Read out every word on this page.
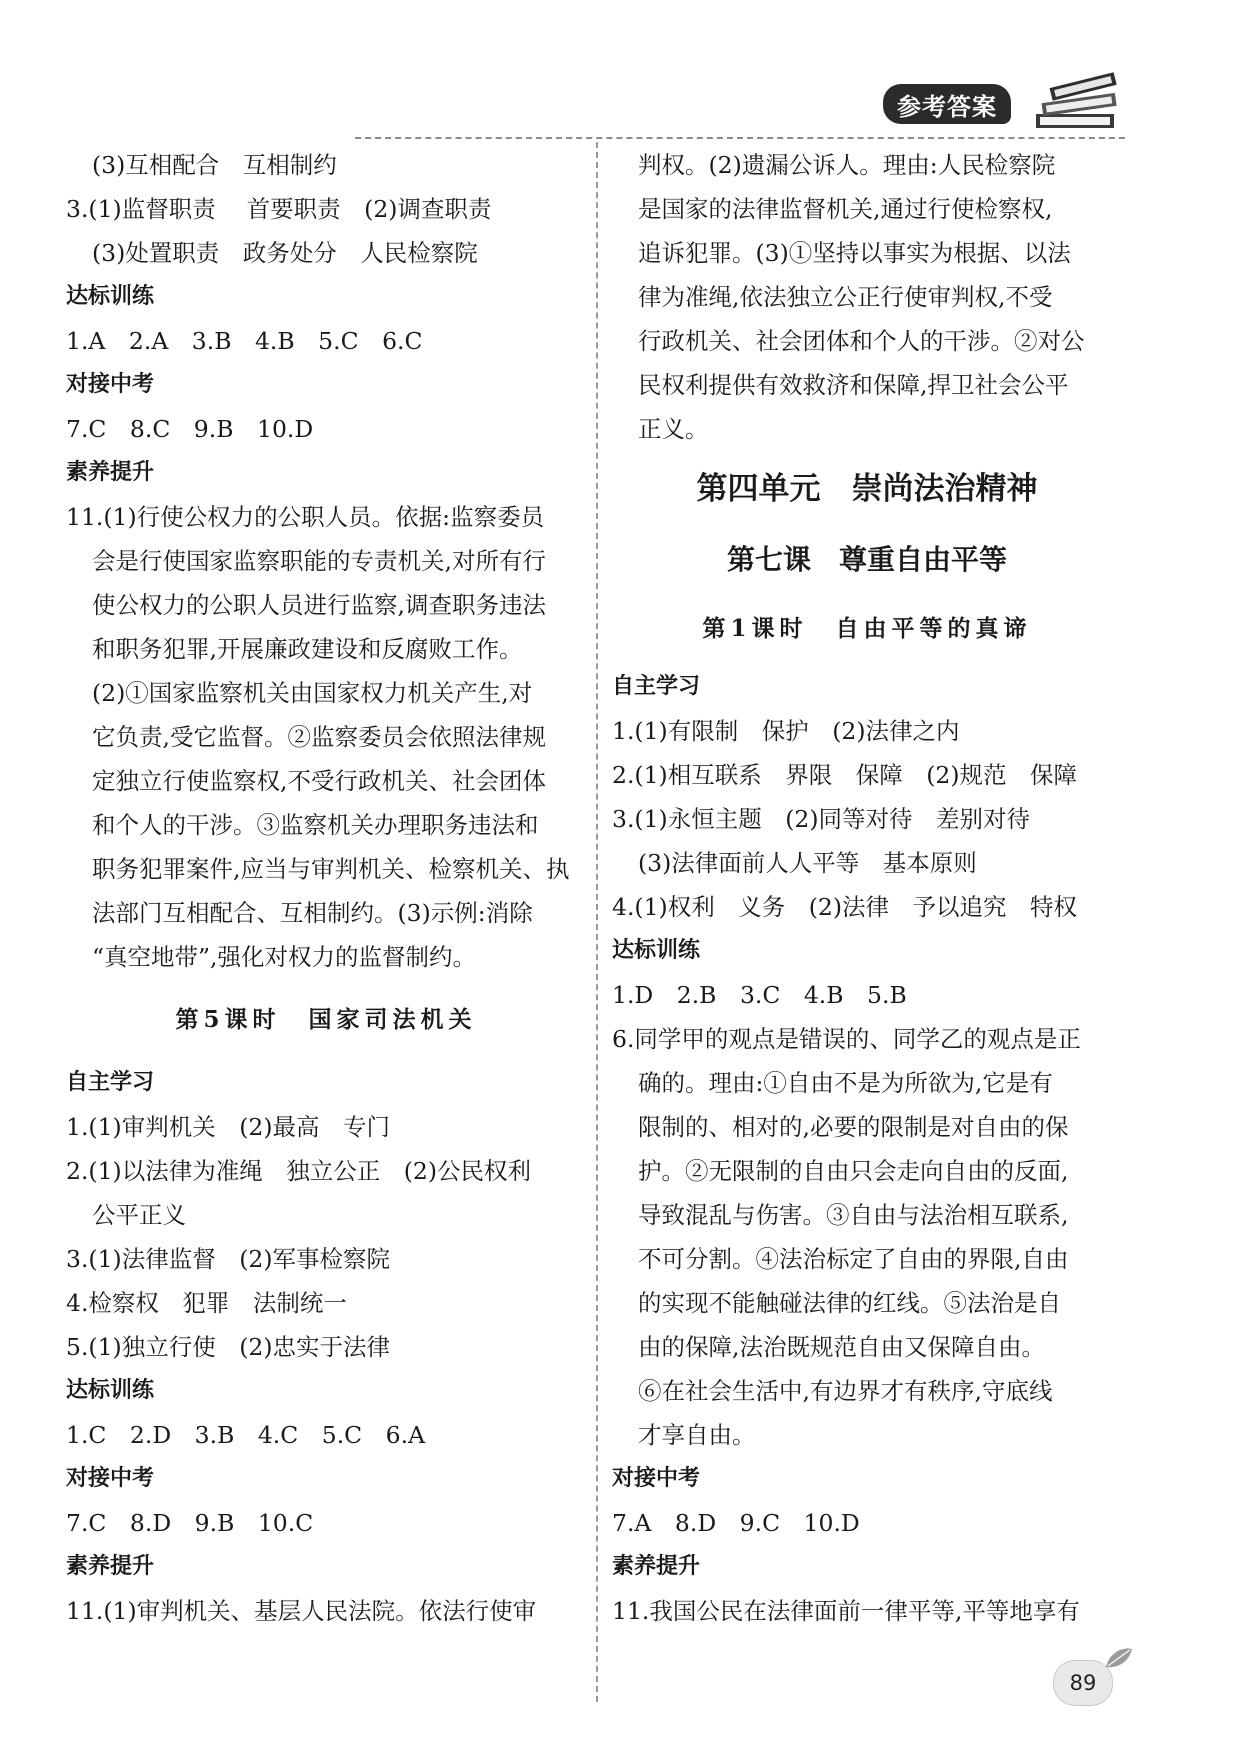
参考答案
(3)互相配合　互相制约
3.(1)监督职责　 首要职责　(2)调查职责
(3)处置职责　政务处分　人民检察院
达标训练
1.A　2.A　3.B　4.B　5.C　6.C
对接中考
7.C　8.C　9.B　10.D
素养提升
11.(1)行使公权力的公职人员。依据:监察委员
会是行使国家监察职能的专责机关,对所有行
使公权力的公职人员进行监察,调查职务违法
和职务犯罪,开展廉政建设和反腐败工作。
(2)①国家监察机关由国家权力机关产生,对
它负责,受它监督。②监察委员会依照法律规
定独立行使监察权,不受行政机关、社会团体
和个人的干涉。③监察机关办理职务违法和
职务犯罪案件,应当与审判机关、检察机关、执
法部门互相配合、互相制约。(3)示例:消除
“真空地带”,强化对权力的监督制约。
第5课时　国家司法机关
自主学习
1.(1)审判机关　(2)最高　专门
2.(1)以法律为准绳　独立公正　(2)公民权利
公平正义
3.(1)法律监督　(2)军事检察院
4.检察权　犯罪　法制统一
5.(1)独立行使　(2)忠实于法律
达标训练
1.C　2.D　3.B　4.C　5.C　6.A
对接中考
7.C　8.D　9.B　10.C
素养提升
11.(1)审判机关、基层人民法院。依法行使审
判权。(2)遗漏公诉人。理由:人民检察院
是国家的法律监督机关,通过行使检察权,
追诉犯罪。(3)①坚持以事实为根据、以法
律为准绳,依法独立公正行使审判权,不受
行政机关、社会团体和个人的干涉。②对公
民权利提供有效救济和保障,捍卫社会公平
正义。
第四单元　崇尚法治精神
第七课　尊重自由平等
第1课时　自由平等的真谛
自主学习
1.(1)有限制　保护　(2)法律之内
2.(1)相互联系　界限　保障　(2)规范　保障
3.(1)永恒主题　(2)同等对待　差别对待
(3)法律面前人人平等　基本原则
4.(1)权利　义务　(2)法律　予以追究　特权
达标训练
1.D　2.B　3.C　4.B　5.B
6.同学甲的观点是错误的、同学乙的观点是正
确的。理由:①自由不是为所欲为,它是有
限制的、相对的,必要的限制是对自由的保
护。②无限制的自由只会走向自由的反面,
导致混乱与伤害。③自由与法治相互联系,
不可分割。④法治标定了自由的界限,自由
的实现不能触碰法律的红线。⑤法治是自
由的保障,法治既规范自由又保障自由。
⑥在社会生活中,有边界才有秩序,守底线
才享自由。
对接中考
7.A　8.D　9.C　10.D
素养提升
11.我国公民在法律面前一律平等,平等地享有
89
